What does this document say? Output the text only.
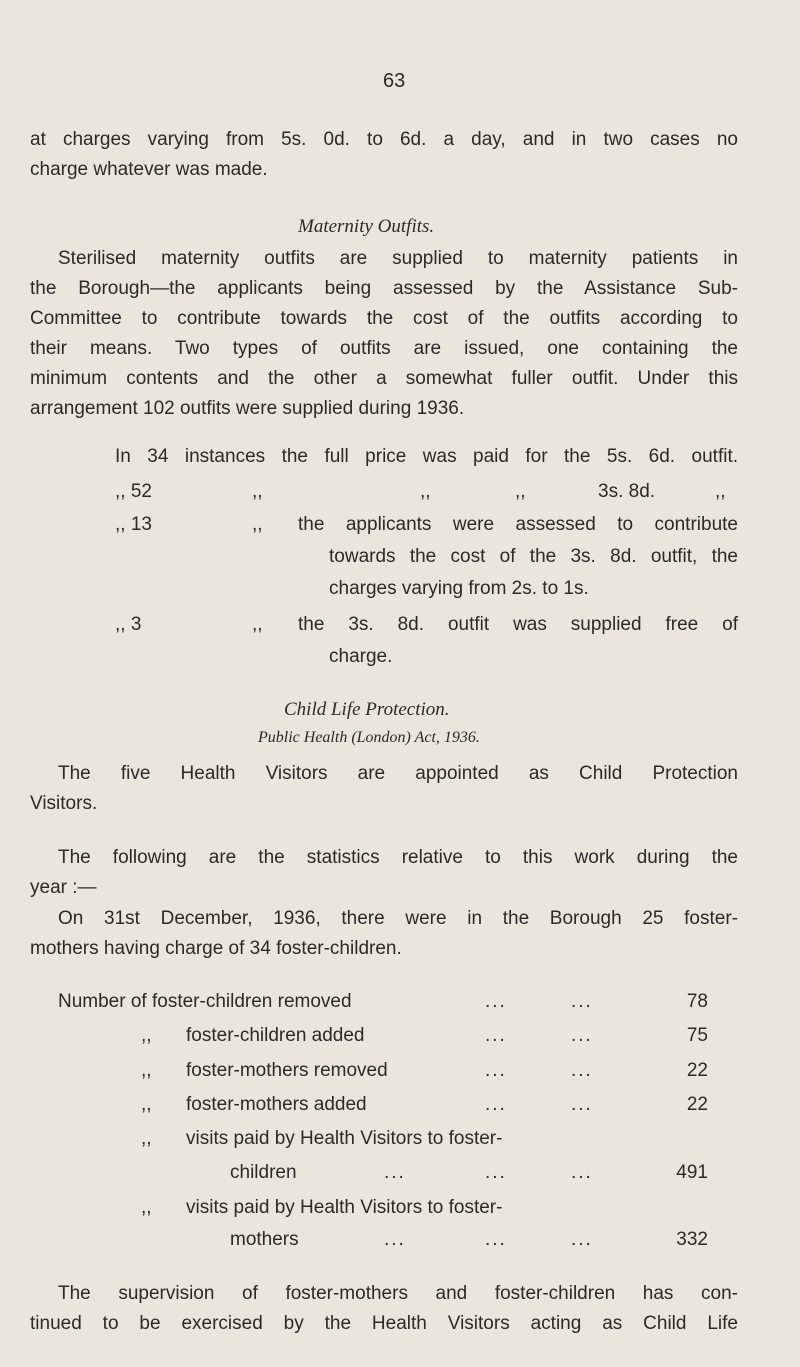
63
at charges varying from 5s. 0d. to 6d. a day, and in two cases no
charge whatever was made.
Maternity Outfits.
Sterilised maternity outfits are supplied to maternity patients in
the Borough—the applicants being assessed by the Assistance Sub-
Committee to contribute towards the cost of the outfits according to
their means. Two types of outfits are issued, one containing the
minimum contents and the other a somewhat fuller outfit. Under this
arrangement 102 outfits were supplied during 1936.
In 34 instances the full price was paid for the 5s. 6d. outfit.
,, 52	,,	,,	,,	3s. 8d.	,,
,, 13	,, the applicants were assessed to contribute
towards the cost of the 3s. 8d. outfit, the
charges varying from 2s. to 1s.
,, 3	,, the 3s. 8d. outfit was supplied free of
charge.
Child Life Protection.
Public Health (London) Act, 1936.
The five Health Visitors are appointed as Child Protection
Visitors.
The following are the statistics relative to this work during the
year :—
On 31st December, 1936, there were in the Borough 25 foster-
mothers having charge of 34 foster-children.
Number of foster-children removed	...	...	78
,, foster-children added	...	...	75
,, foster-mothers removed	...	...	22
,, foster-mothers added	...	...	22
,, visits paid by Health Visitors to foster-
children	...	...	...	491
,, visits paid by Health Visitors to foster-
mothers	...	...	...	332
The supervision of foster-mothers and foster-children has con-
tinued to be exercised by the Health Visitors acting as Child Life
